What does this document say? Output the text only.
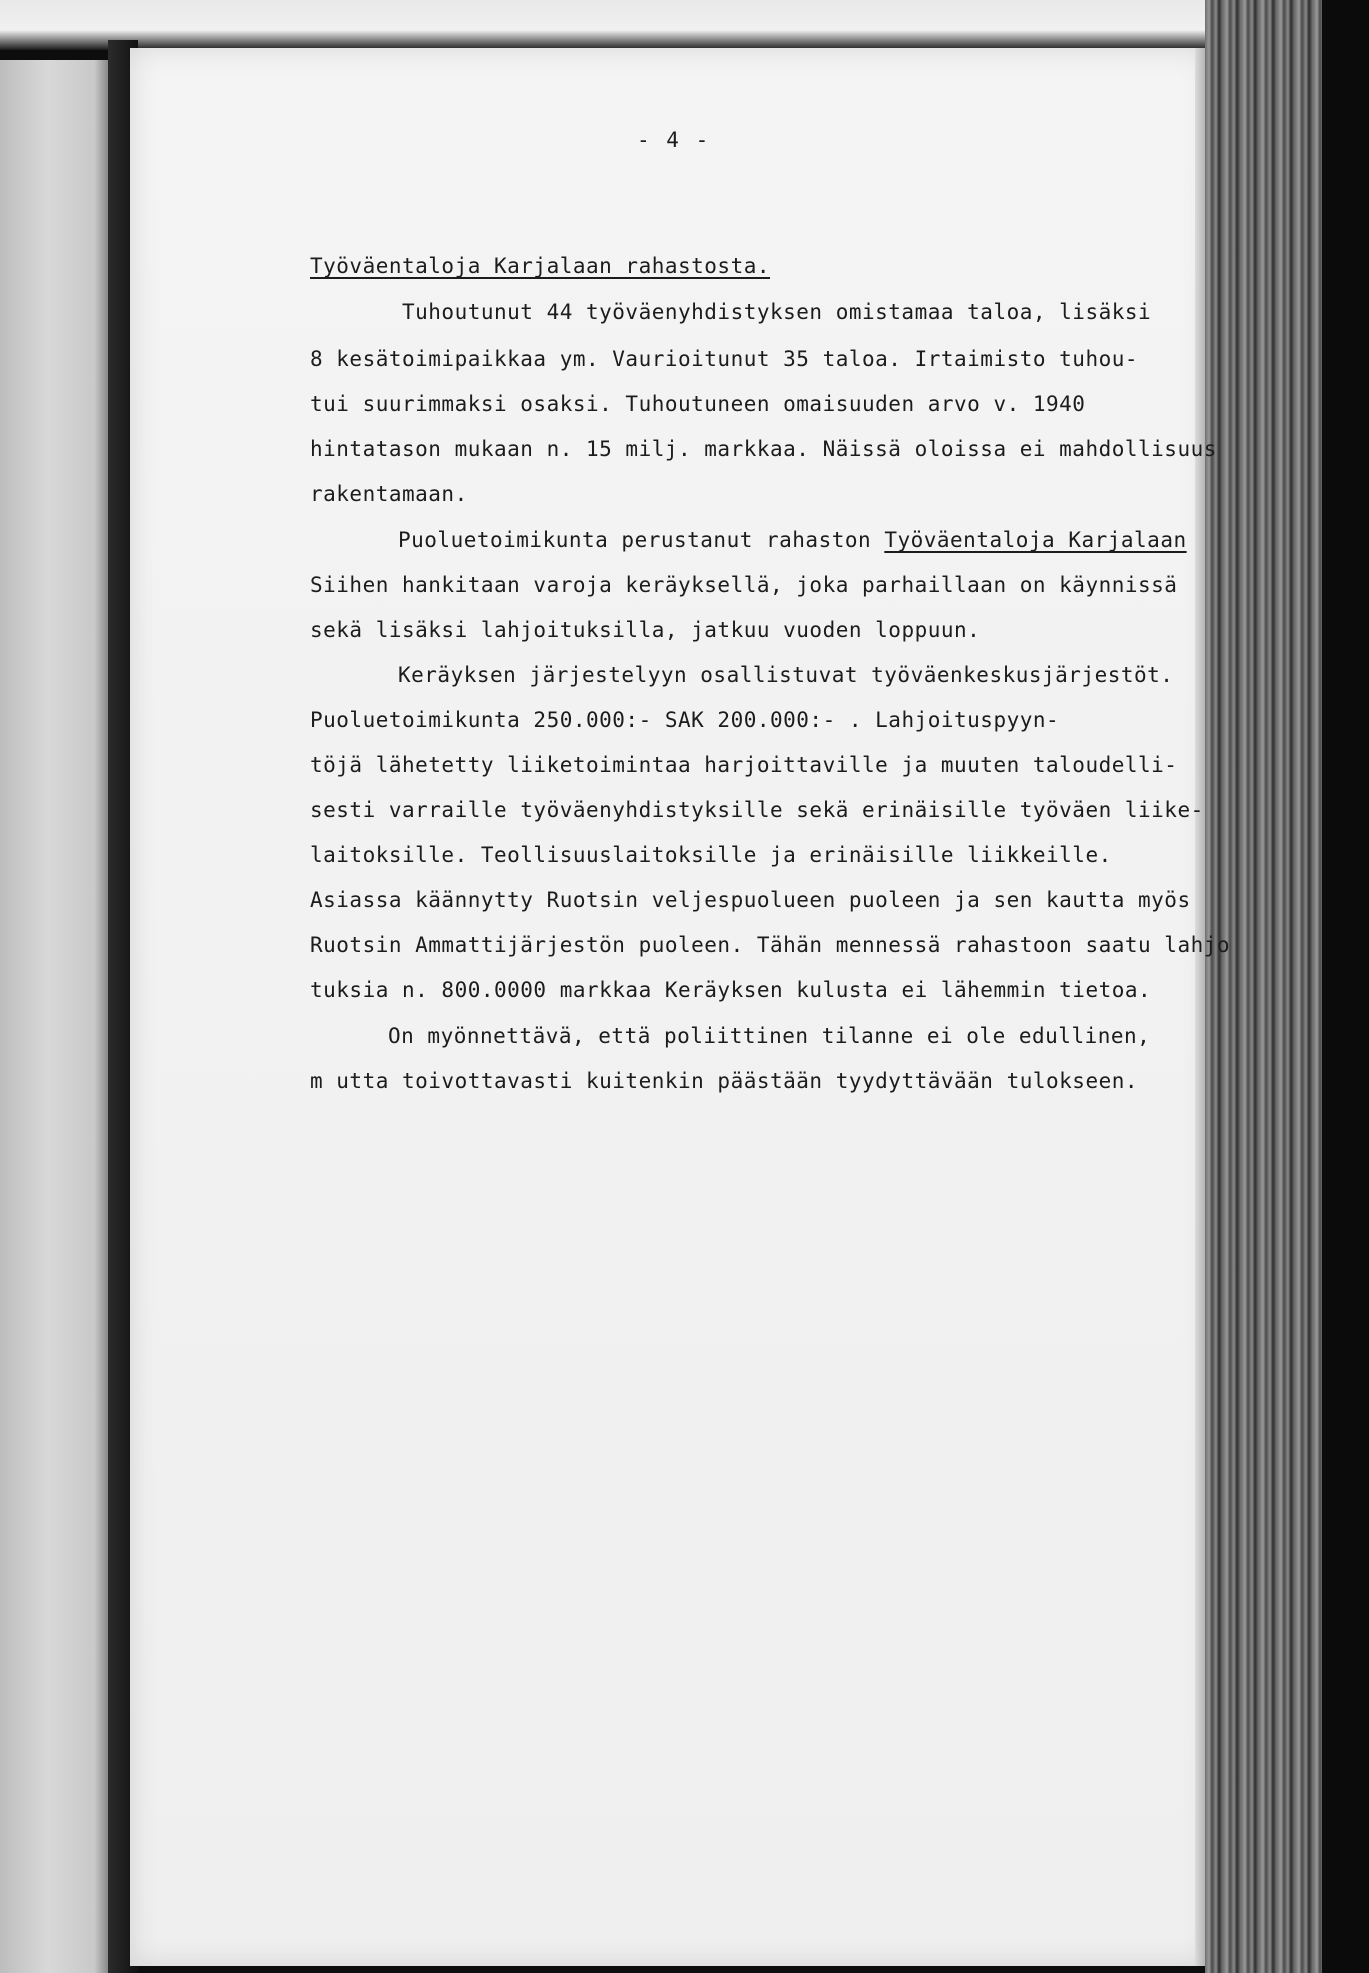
- 4 -
Työväentaloja Karjalaan rahastosta.
Tuhoutunut 44 työväenyhdistyksen omistamaa taloa, lisäksi
8 kesätoimipaikkaa ym. Vaurioitunut 35 taloa. Irtaimisto tuhou-
tui suurimmaksi osaksi. Tuhoutuneen omaisuuden arvo v. 1940
hintatason mukaan n. 15 milj. markkaa. Näissä oloissa ei mahdollisuus
rakentamaan.
Puoluetoimikunta perustanut rahaston Työväentaloja Karjalaan
Siihen hankitaan varoja keräyksellä, joka parhaillaan on käynnissä
sekä lisäksi lahjoituksilla, jatkuu vuoden loppuun.
Keräyksen järjestelyyn osallistuvat työväenkeskusjärjestöt.
Puoluetoimikunta 250.000:- SAK 200.000:- . Lahjoituspyyn-
töjä lähetetty liiketoimintaa harjoittaville ja muuten taloudelli-
sesti varraille työväenyhdistyksille sekä erinäisille työväen liike-
laitoksille. Teollisuuslaitoksille ja erinäisille liikkeille.
Asiassa käännytty Ruotsin veljespuolueen puoleen ja sen kautta myös
Ruotsin Ammattijärjestön puoleen. Tähän mennessä rahastoon saatu lahjo
tuksia n. 800.0000 markkaa Keräyksen kulusta ei lähemmin tietoa.
On myönnettävä, että poliittinen tilanne ei ole edullinen,
m utta toivottavasti kuitenkin päästään tyydyttävään tulokseen.
